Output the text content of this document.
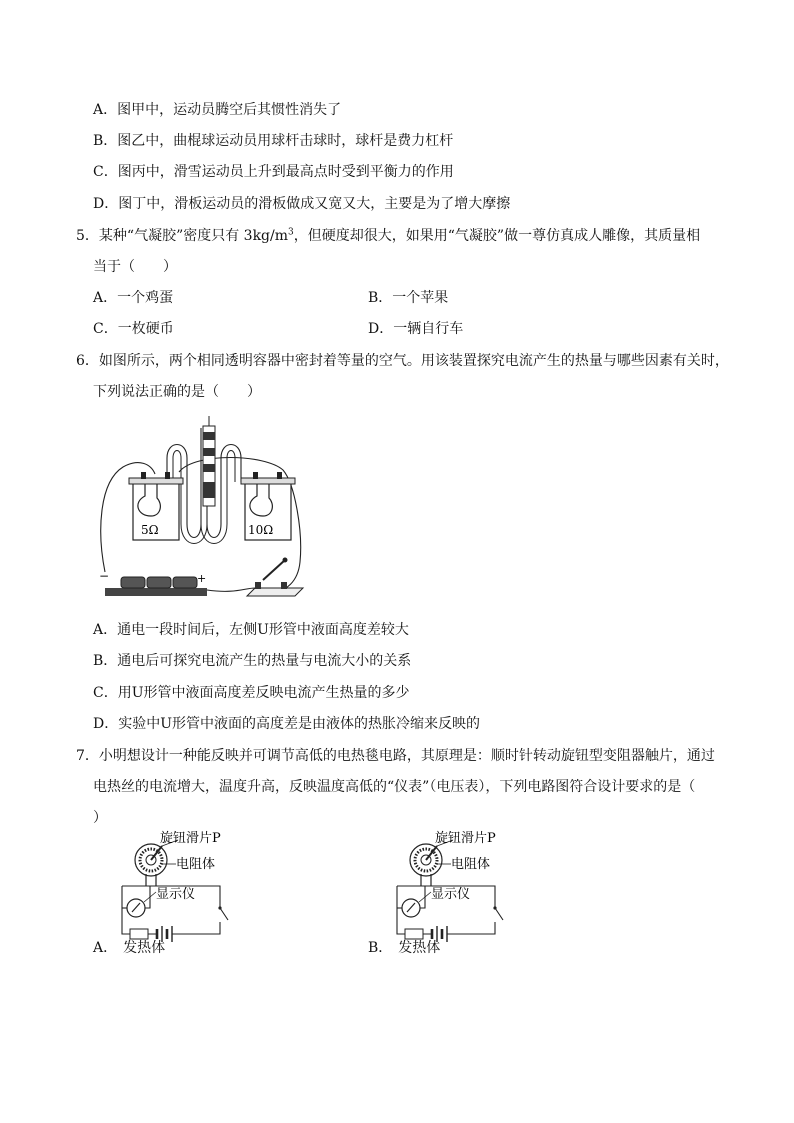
A．图甲中，运动员腾空后其惯性消失了
B．图乙中，曲棍球运动员用球杆击球时，球杆是费力杠杆
C．图丙中，滑雪运动员上升到最高点时受到平衡力的作用
D．图丁中，滑板运动员的滑板做成又宽又大，主要是为了增大摩擦
5．某种“气凝胶”密度只有 $3kg/m^3$，但硬度却很大，如果用“气凝胶”做一尊仿真成人雕像，其质量相
当于（　　）
A．一个鸡蛋	B．一个苹果
C．一枚硬币	D．一辆自行车
6．如图所示，两个相同透明容器中密封着等量的空气。用该装置探究电流产生的热量与哪些因素有关时，
下列说法正确的是（　　）
5Ω	10Ω
−	+
A．通电一段时间后，左侧U形管中液面高度差较大
B．通电后可探究电流产生的热量与电流大小的关系
C．用U形管中液面高度差反映电流产生热量的多少
D．实验中U形管中液面的高度差是由液体的热胀冷缩来反映的
7．小明想设计一种能反映并可调节高低的电热毯电路，其原理是：顺时针转动旋钮型变阻器触片，通过
电热丝的电流增大，温度升高，反映温度高低的“仪表”（电压表），下列电路图符合设计要求的是（
）
旋钮滑片P
电阻体
显示仪
A． 发热体
旋钮滑片P
电阻体
显示仪
B． 发热体
